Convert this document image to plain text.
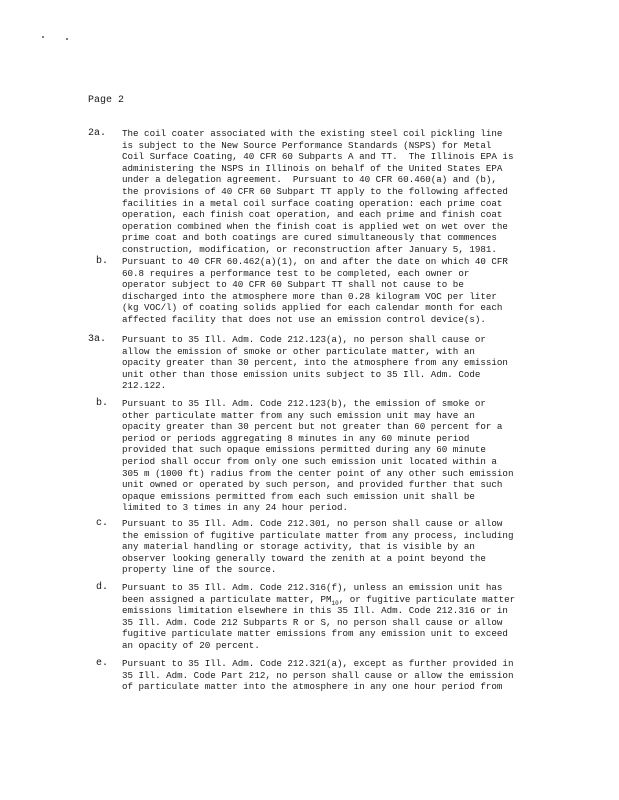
Page 2
2a.	The coil coater associated with the existing steel coil pickling line
is subject to the New Source Performance Standards (NSPS) for Metal
Coil Surface Coating, 40 CFR 60 Subparts A and TT.  The Illinois EPA is
administering the NSPS in Illinois on behalf of the United States EPA
under a delegation agreement.  Pursuant to 40 CFR 60.460(a) and (b),
the provisions of 40 CFR 60 Subpart TT apply to the following affected
facilities in a metal coil surface coating operation: each prime coat
operation, each finish coat operation, and each prime and finish coat
operation combined when the finish coat is applied wet on wet over the
prime coat and both coatings are cured simultaneously that commences
construction, modification, or reconstruction after January 5, 1981.
b.	Pursuant to 40 CFR 60.462(a)(1), on and after the date on which 40 CFR
60.8 requires a performance test to be completed, each owner or
operator subject to 40 CFR 60 Subpart TT shall not cause to be
discharged into the atmosphere more than 0.28 kilogram VOC per liter
(kg VOC/l) of coating solids applied for each calendar month for each
affected facility that does not use an emission control device(s).
3a.	Pursuant to 35 Ill. Adm. Code 212.123(a), no person shall cause or
allow the emission of smoke or other particulate matter, with an
opacity greater than 30 percent, into the atmosphere from any emission
unit other than those emission units subject to 35 Ill. Adm. Code
212.122.
b.	Pursuant to 35 Ill. Adm. Code 212.123(b), the emission of smoke or
other particulate matter from any such emission unit may have an
opacity greater than 30 percent but not greater than 60 percent for a
period or periods aggregating 8 minutes in any 60 minute period
provided that such opaque emissions permitted during any 60 minute
period shall occur from only one such emission unit located within a
305 m (1000 ft) radius from the center point of any other such emission
unit owned or operated by such person, and provided further that such
opaque emissions permitted from each such emission unit shall be
limited to 3 times in any 24 hour period.
c.	Pursuant to 35 Ill. Adm. Code 212.301, no person shall cause or allow
the emission of fugitive particulate matter from any process, including
any material handling or storage activity, that is visible by an
observer looking generally toward the zenith at a point beyond the
property line of the source.
d.	Pursuant to 35 Ill. Adm. Code 212.316(f), unless an emission unit has
been assigned a particulate matter, $PM_{10}$, or fugitive particulate matter
emissions limitation elsewhere in this 35 Ill. Adm. Code 212.316 or in
35 Ill. Adm. Code 212 Subparts R or S, no person shall cause or allow
fugitive particulate matter emissions from any emission unit to exceed
an opacity of 20 percent.
e.	Pursuant to 35 Ill. Adm. Code 212.321(a), except as further provided in
35 Ill. Adm. Code Part 212, no person shall cause or allow the emission
of particulate matter into the atmosphere in any one hour period from
